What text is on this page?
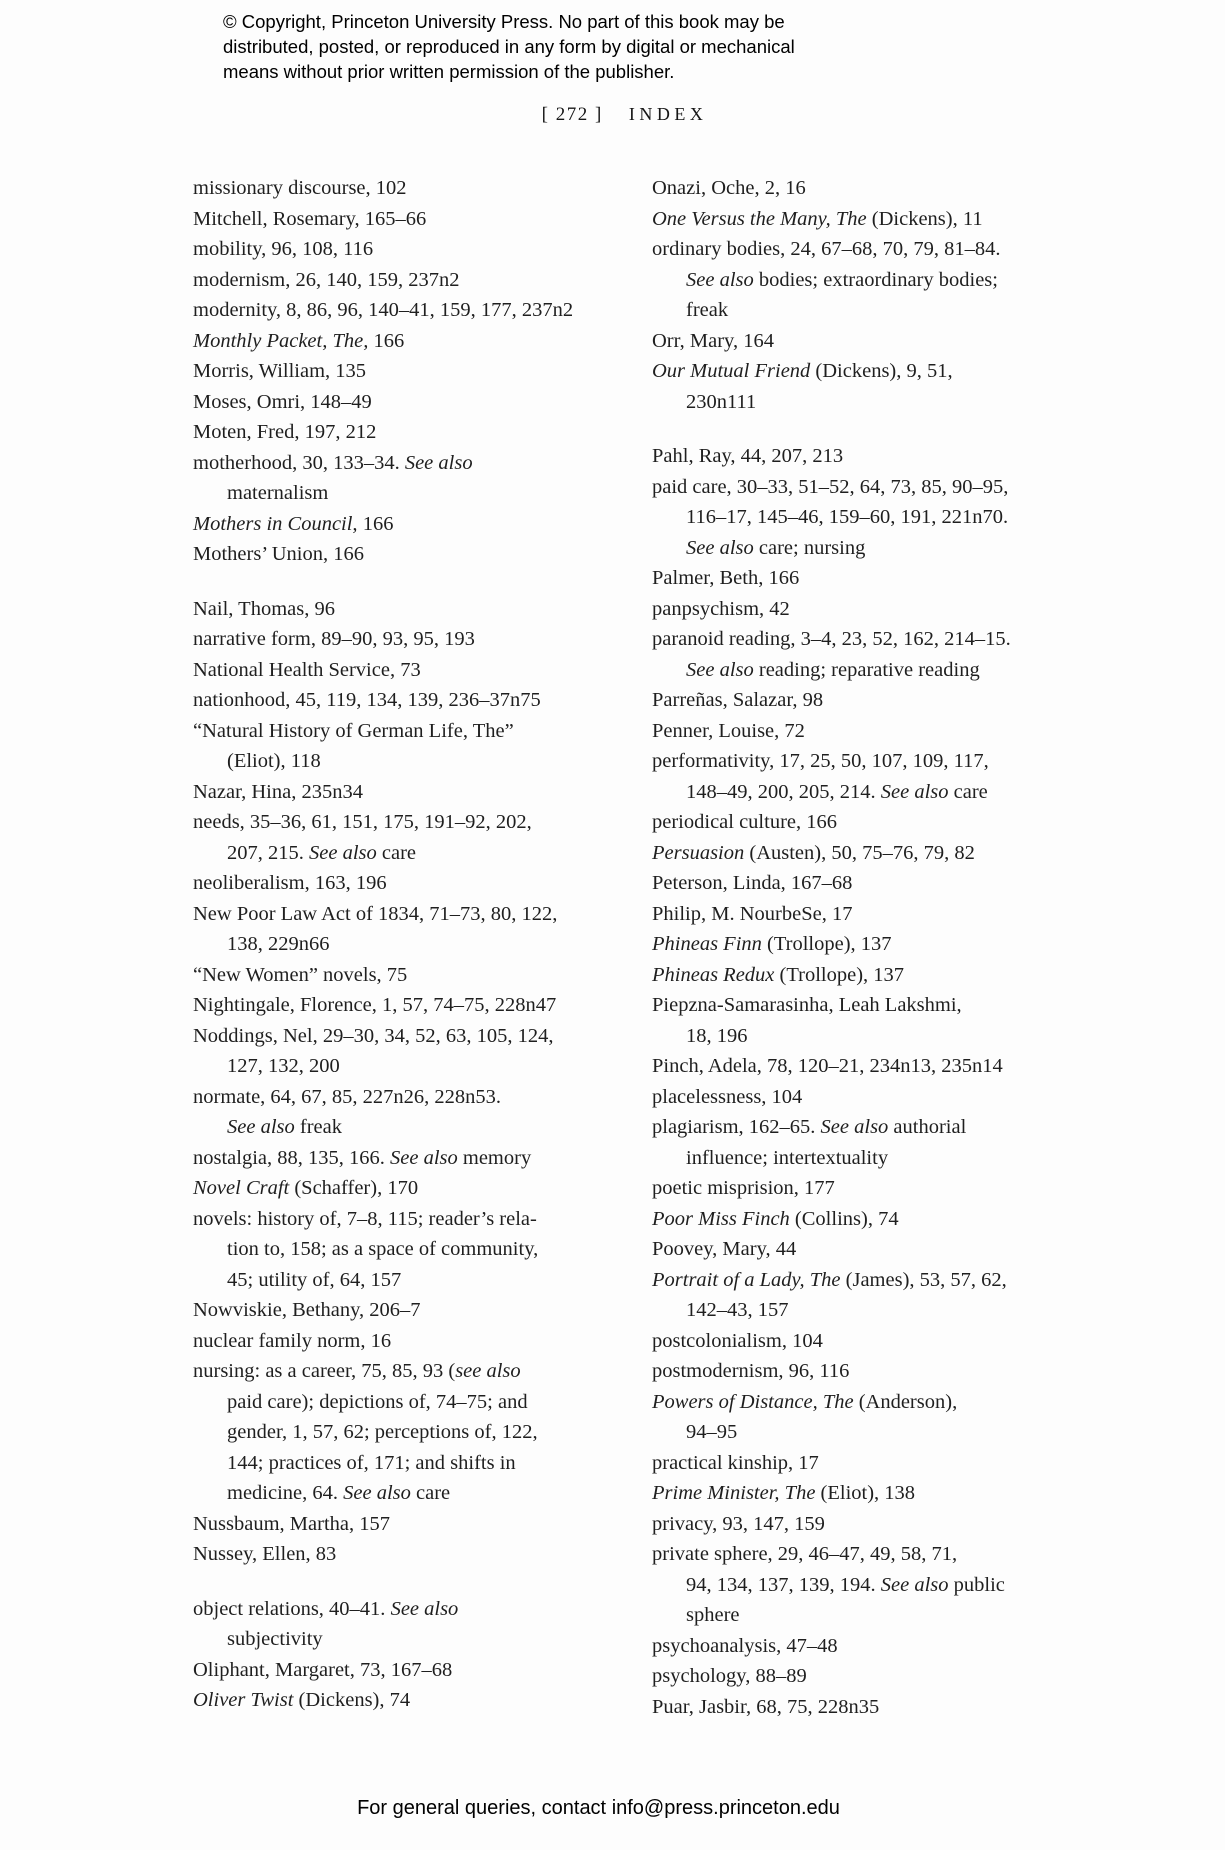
© Copyright, Princeton University Press. No part of this book may be
distributed, posted, or reproduced in any form by digital or mechanical
means without prior written permission of the publisher.
[ 272 ] INDEX
missionary discourse, 102
Mitchell, Rosemary, 165–66
mobility, 96, 108, 116
modernism, 26, 140, 159, 237n2
modernity, 8, 86, 96, 140–41, 159, 177, 237n2
Monthly Packet, The, 166
Morris, William, 135
Moses, Omri, 148–49
Moten, Fred, 197, 212
motherhood, 30, 133–34. See also
maternalism
Mothers in Council, 166
Mothers’ Union, 166
Nail, Thomas, 96
narrative form, 89–90, 93, 95, 193
National Health Service, 73
nationhood, 45, 119, 134, 139, 236–37n75
“Natural History of German Life, The”
(Eliot), 118
Nazar, Hina, 235n34
needs, 35–36, 61, 151, 175, 191–92, 202,
207, 215. See also care
neoliberalism, 163, 196
New Poor Law Act of 1834, 71–73, 80, 122,
138, 229n66
“New Women” novels, 75
Nightingale, Florence, 1, 57, 74–75, 228n47
Noddings, Nel, 29–30, 34, 52, 63, 105, 124,
127, 132, 200
normate, 64, 67, 85, 227n26, 228n53.
See also freak
nostalgia, 88, 135, 166. See also memory
Novel Craft (Schaffer), 170
novels: history of, 7–8, 115; reader’s rela-
tion to, 158; as a space of community,
45; utility of, 64, 157
Nowviskie, Bethany, 206–7
nuclear family norm, 16
nursing: as a career, 75, 85, 93 (see also
paid care); depictions of, 74–75; and
gender, 1, 57, 62; perceptions of, 122,
144; practices of, 171; and shifts in
medicine, 64. See also care
Nussbaum, Martha, 157
Nussey, Ellen, 83
object relations, 40–41. See also
subjectivity
Oliphant, Margaret, 73, 167–68
Oliver Twist (Dickens), 74
Onazi, Oche, 2, 16
One Versus the Many, The (Dickens), 11
ordinary bodies, 24, 67–68, 70, 79, 81–84.
See also bodies; extraordinary bodies;
freak
Orr, Mary, 164
Our Mutual Friend (Dickens), 9, 51,
230n111
Pahl, Ray, 44, 207, 213
paid care, 30–33, 51–52, 64, 73, 85, 90–95,
116–17, 145–46, 159–60, 191, 221n70.
See also care; nursing
Palmer, Beth, 166
panpsychism, 42
paranoid reading, 3–4, 23, 52, 162, 214–15.
See also reading; reparative reading
Parreñas, Salazar, 98
Penner, Louise, 72
performativity, 17, 25, 50, 107, 109, 117,
148–49, 200, 205, 214. See also care
periodical culture, 166
Persuasion (Austen), 50, 75–76, 79, 82
Peterson, Linda, 167–68
Philip, M. NourbeSe, 17
Phineas Finn (Trollope), 137
Phineas Redux (Trollope), 137
Piepzna-Samarasinha, Leah Lakshmi,
18, 196
Pinch, Adela, 78, 120–21, 234n13, 235n14
placelessness, 104
plagiarism, 162–65. See also authorial
influence; intertextuality
poetic misprision, 177
Poor Miss Finch (Collins), 74
Poovey, Mary, 44
Portrait of a Lady, The (James), 53, 57, 62,
142–43, 157
postcolonialism, 104
postmodernism, 96, 116
Powers of Distance, The (Anderson),
94–95
practical kinship, 17
Prime Minister, The (Eliot), 138
privacy, 93, 147, 159
private sphere, 29, 46–47, 49, 58, 71,
94, 134, 137, 139, 194. See also public
sphere
psychoanalysis, 47–48
psychology, 88–89
Puar, Jasbir, 68, 75, 228n35
For general queries, contact info@press.princeton.edu
